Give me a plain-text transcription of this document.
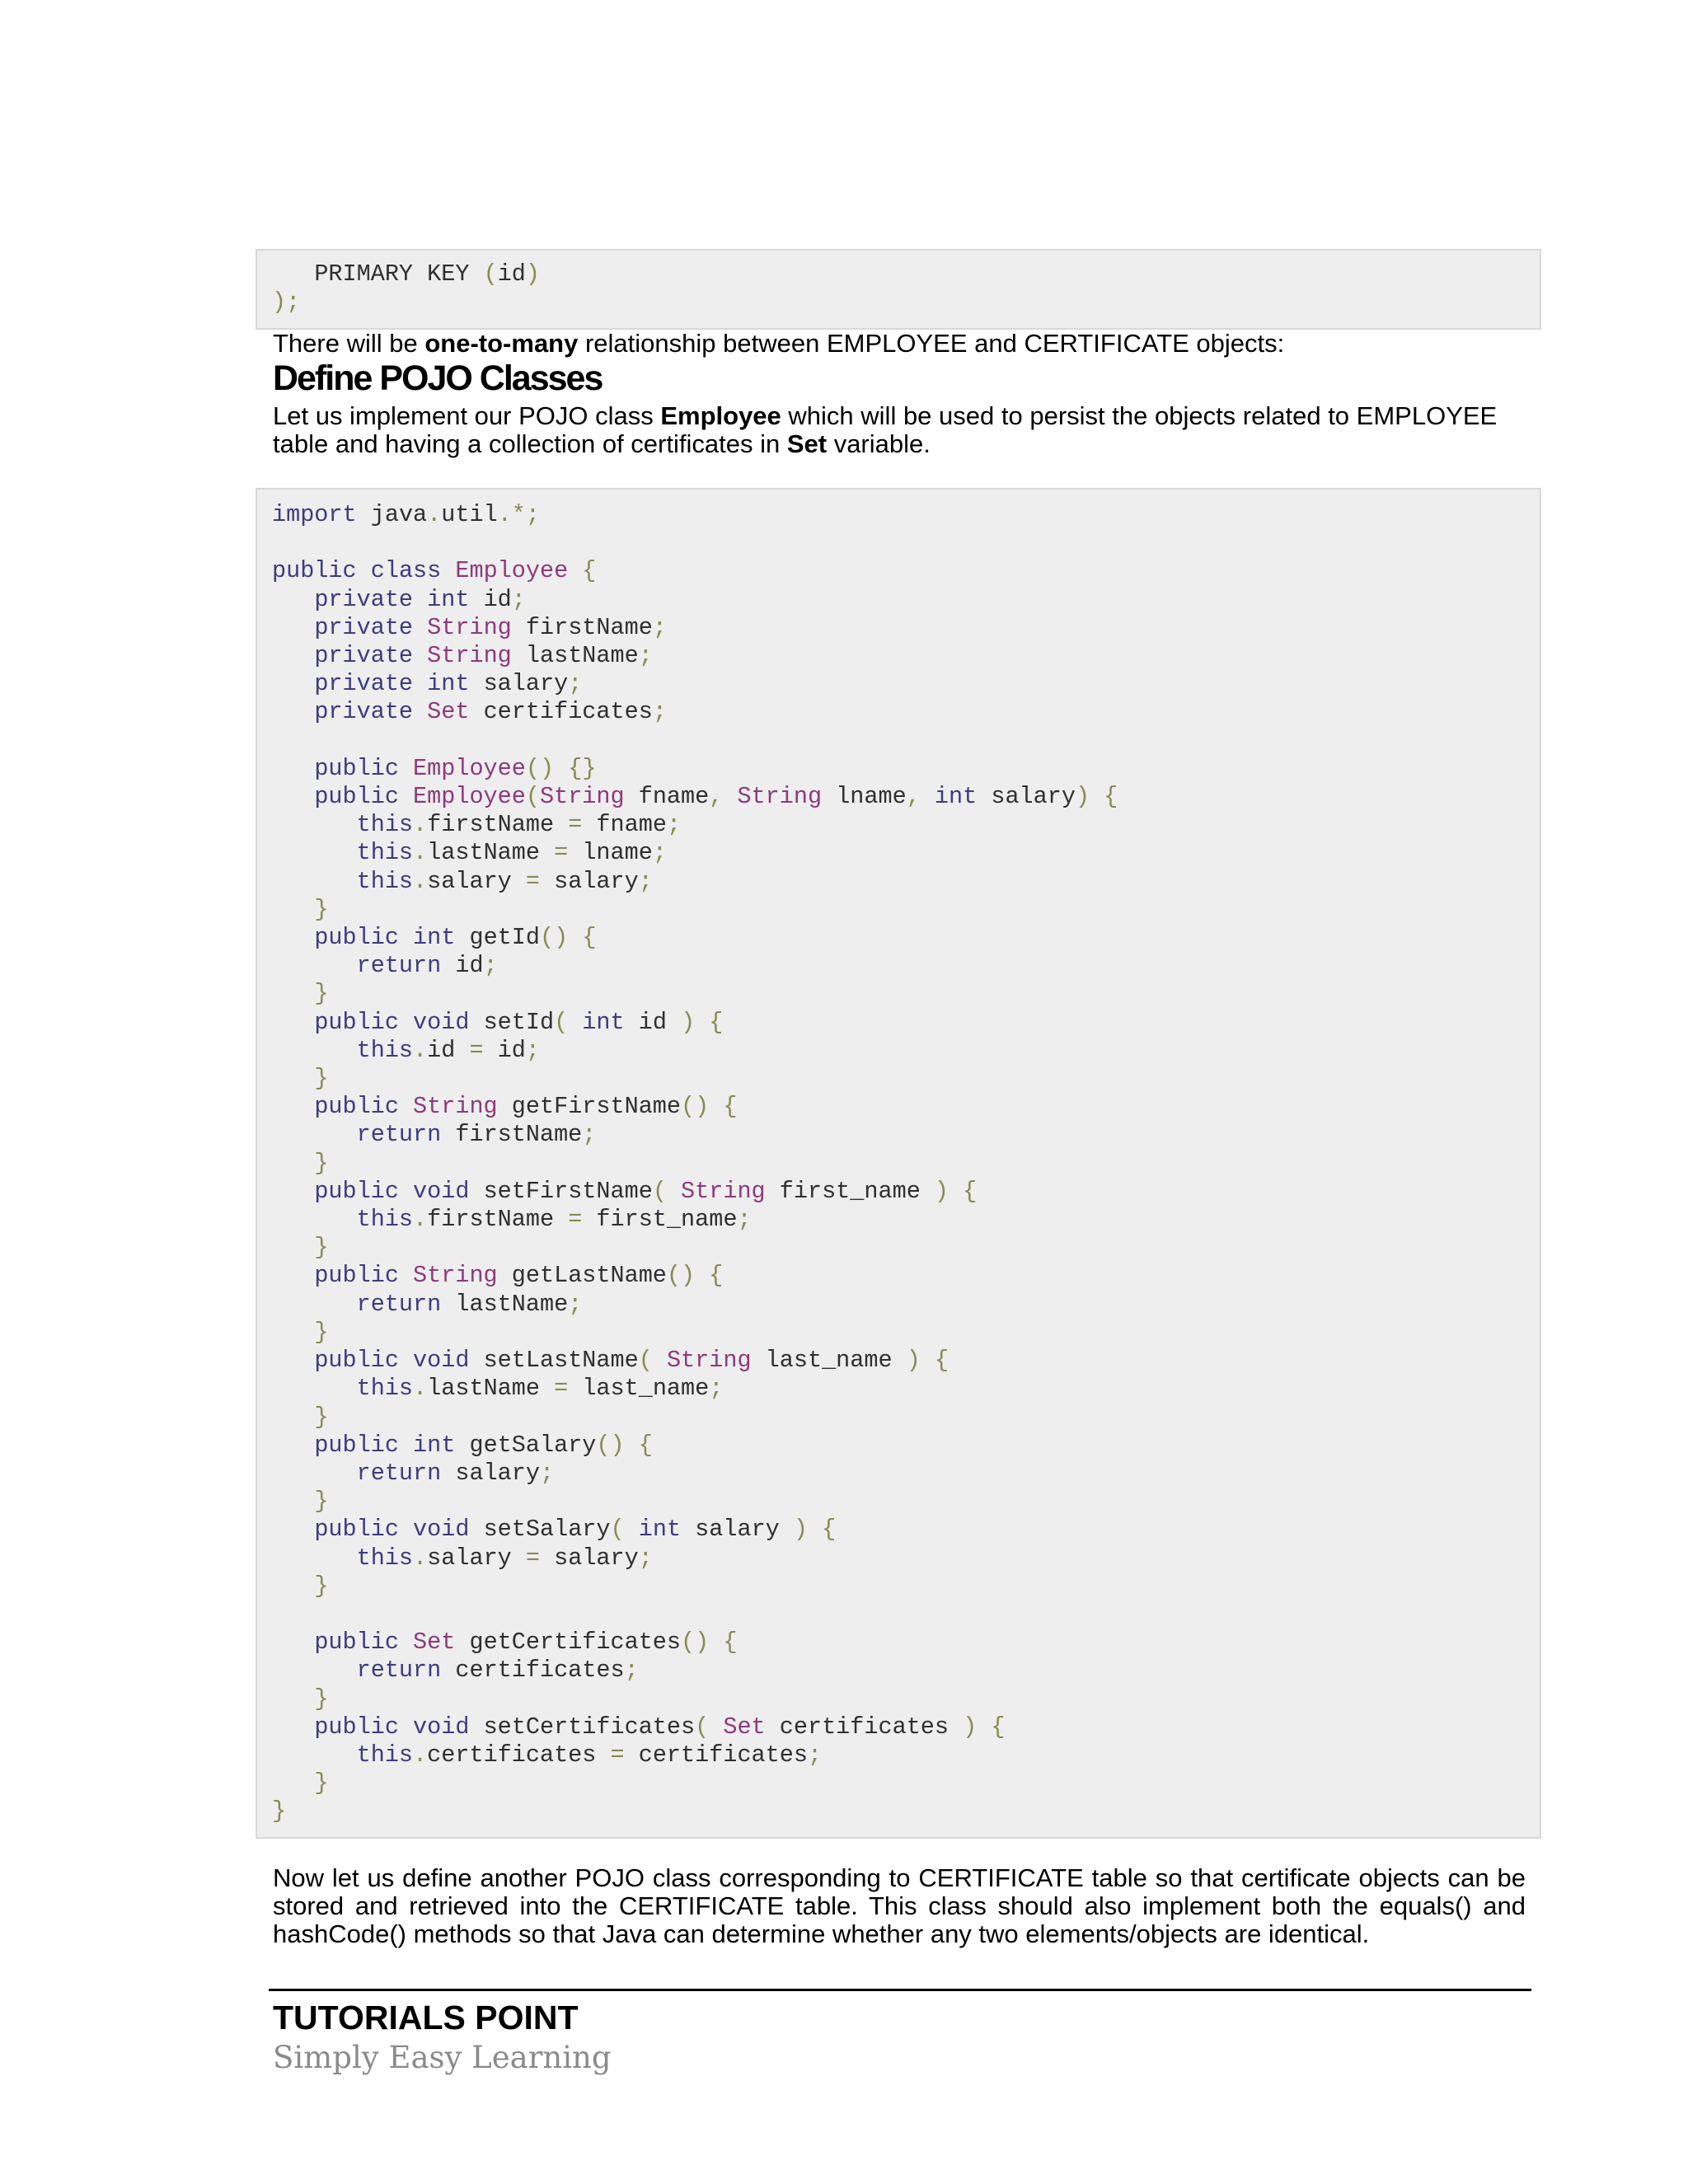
PRIMARY KEY (id)
);

There will be one-to-many relationship between EMPLOYEE and CERTIFICATE objects:

Define POJO Classes

Let us implement our POJO class Employee which will be used to persist the objects related to EMPLOYEE table and having a collection of certificates in Set variable.

import java.util.*;

public class Employee {
private int id;
private String firstName;
private String lastName;
private int salary;
private Set certificates;

public Employee() {}
public Employee(String fname, String lname, int salary) {
this.firstName = fname;
this.lastName = lname;
this.salary = salary;
}
public int getId() {
return id;
}
public void setId( int id ) {
this.id = id;
}
public String getFirstName() {
return firstName;
}
public void setFirstName( String first_name ) {
this.firstName = first_name;
}
public String getLastName() {
return lastName;
}
public void setLastName( String last_name ) {
this.lastName = last_name;
}
public int getSalary() {
return salary;
}
public void setSalary( int salary ) {
this.salary = salary;
}

public Set getCertificates() {
return certificates;
}
public void setCertificates( Set certificates ) {
this.certificates = certificates;
}
}

Now let us define another POJO class corresponding to CERTIFICATE table so that certificate objects can be stored and retrieved into the CERTIFICATE table. This class should also implement both the equals() and hashCode() methods so that Java can determine whether any two elements/objects are identical.

TUTORIALS POINT

Simply Easy Learning
